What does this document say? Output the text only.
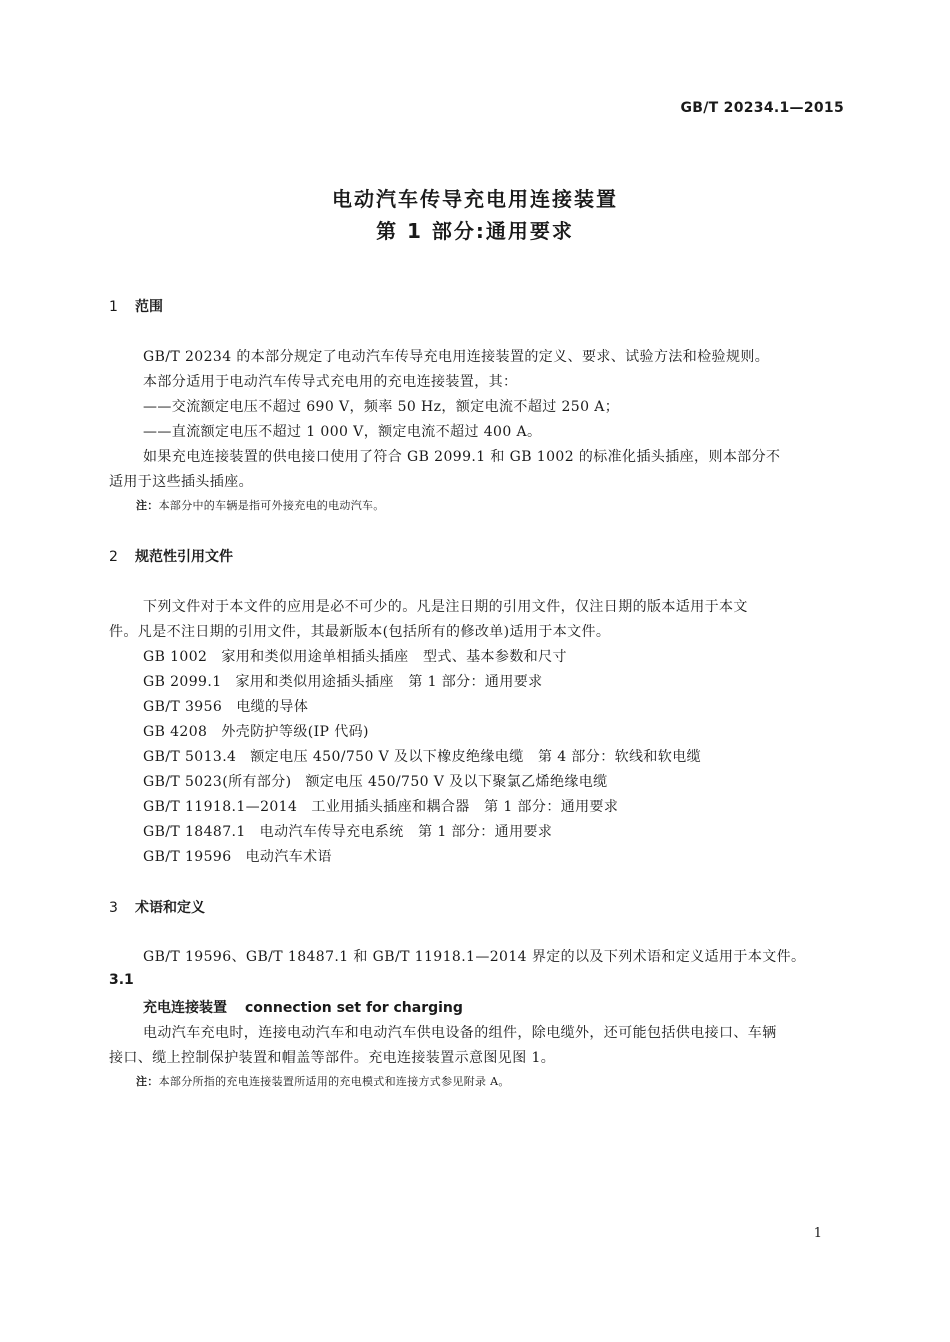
GB/T 20234.1—2015
电动汽车传导充电用连接装置
第 1 部分:通用要求
1 范围
GB/T 20234 的本部分规定了电动汽车传导充电用连接装置的定义、要求、试验方法和检验规则。
本部分适用于电动汽车传导式充电用的充电连接装置，其：
——交流额定电压不超过 690 V，频率 50 Hz，额定电流不超过 250 A；
——直流额定电压不超过 1 000 V，额定电流不超过 400 A。
如果充电连接装置的供电接口使用了符合 GB 2099.1 和 GB 1002 的标准化插头插座，则本部分不
适用于这些插头插座。
注：本部分中的车辆是指可外接充电的电动汽车。
2 规范性引用文件
下列文件对于本文件的应用是必不可少的。凡是注日期的引用文件，仅注日期的版本适用于本文
件。凡是不注日期的引用文件，其最新版本(包括所有的修改单)适用于本文件。
GB 1002 家用和类似用途单相插头插座　型式、基本参数和尺寸
GB 2099.1 家用和类似用途插头插座　第 1 部分：通用要求
GB/T 3956 电缆的导体
GB 4208 外壳防护等级(IP 代码)
GB/T 5013.4 额定电压 450/750 V 及以下橡皮绝缘电缆　第 4 部分：软线和软电缆
GB/T 5023(所有部分) 额定电压 450/750 V 及以下聚氯乙烯绝缘电缆
GB/T 11918.1—2014 工业用插头插座和耦合器　第 1 部分：通用要求
GB/T 18487.1 电动汽车传导充电系统　第 1 部分：通用要求
GB/T 19596 电动汽车术语
3 术语和定义
GB/T 19596、GB/T 18487.1 和 GB/T 11918.1—2014 界定的以及下列术语和定义适用于本文件。
3.1
充电连接装置 connection set for charging
电动汽车充电时，连接电动汽车和电动汽车供电设备的组件，除电缆外，还可能包括供电接口、车辆
接口、缆上控制保护装置和帽盖等部件。充电连接装置示意图见图 1。
注：本部分所指的充电连接装置所适用的充电模式和连接方式参见附录 A。
1
